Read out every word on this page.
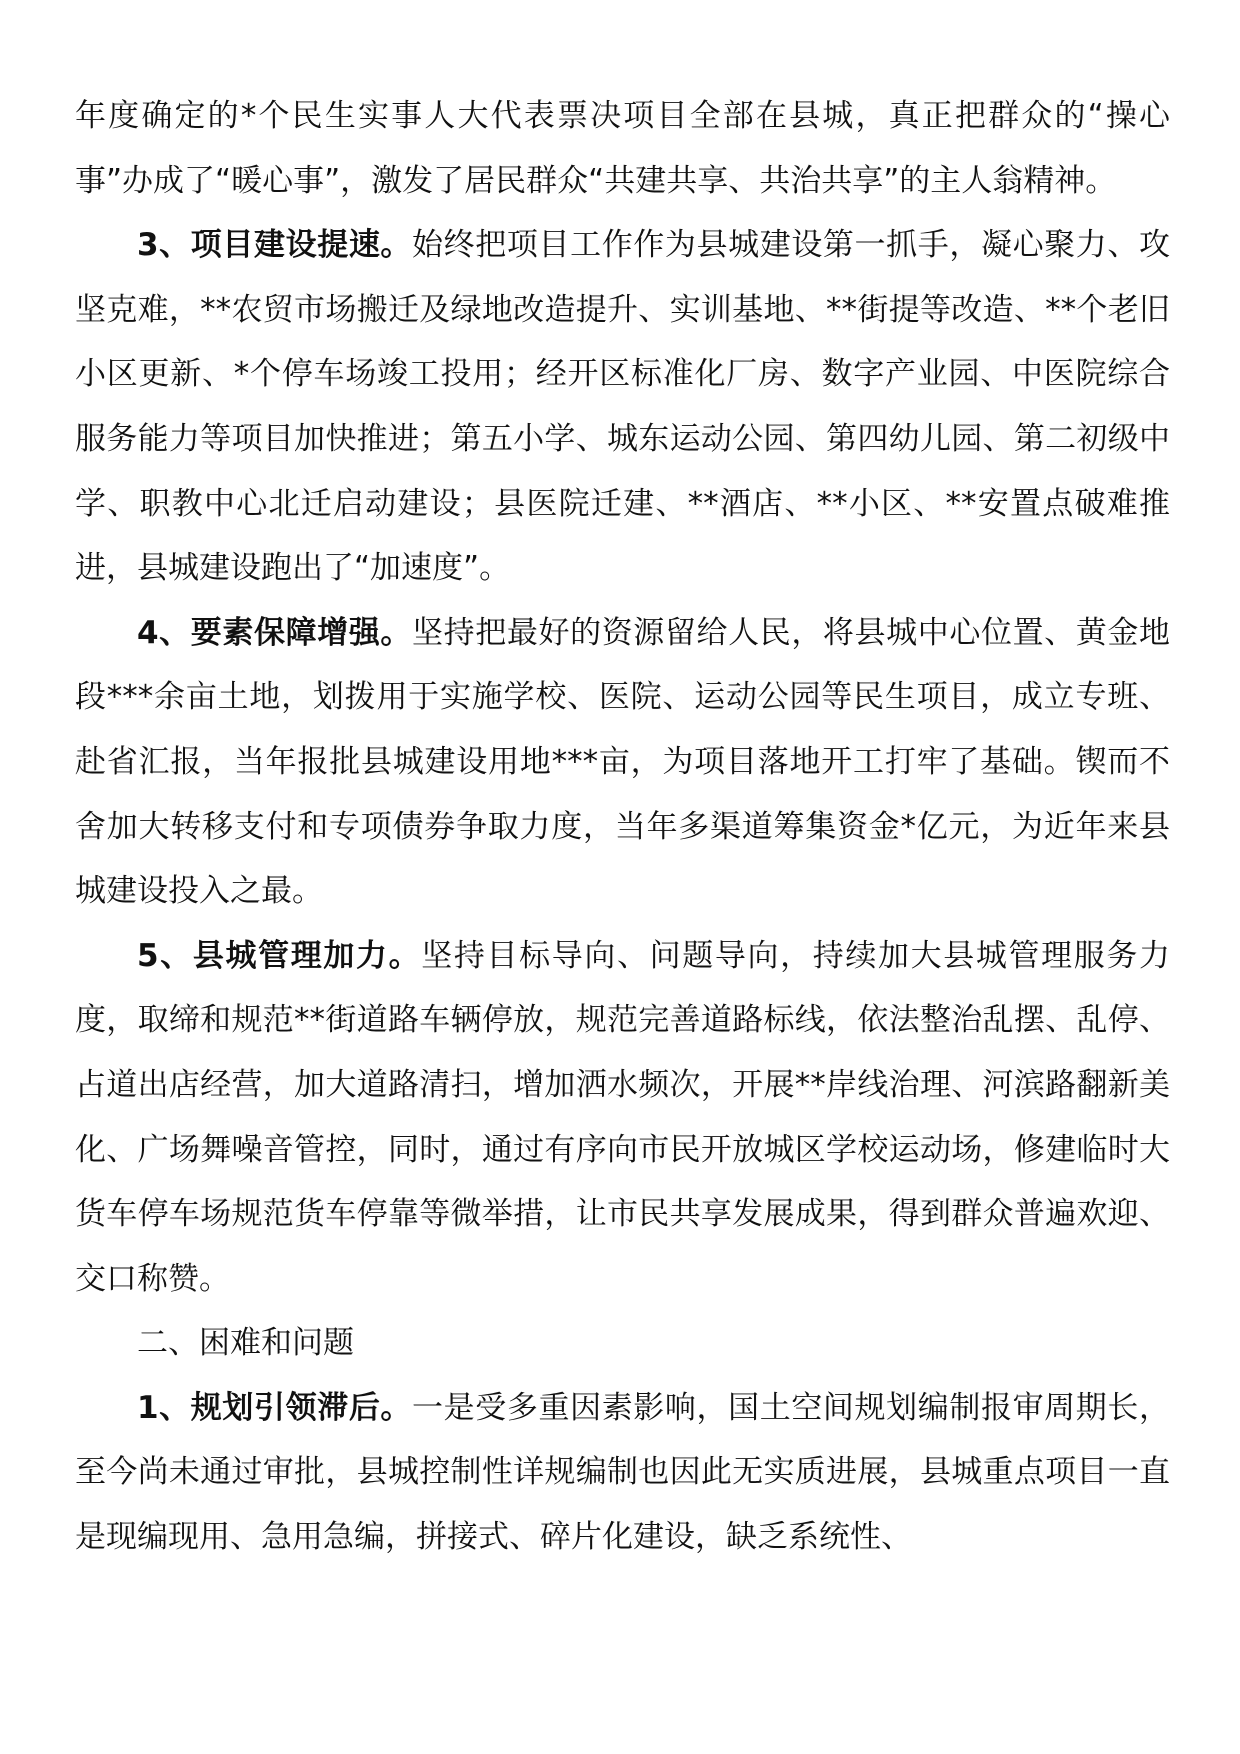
年度确定的*个民生实事人大代表票决项目全部在县城，真正把群众的“操心事”办成了“暖心事”，激发了居民群众“共建共享、共治共享”的主人翁精神。

3、项目建设提速。始终把项目工作作为县城建设第一抓手，凝心聚力、攻坚克难，**农贸市场搬迁及绿地改造提升、实训基地、**街提等改造、**个老旧小区更新、*个停车场竣工投用；经开区标准化厂房、数字产业园、中医院综合服务能力等项目加快推进；第五小学、城东运动公园、第四幼儿园、第二初级中学、职教中心北迁启动建设；县医院迁建、**酒店、**小区、**安置点破难推进，县城建设跑出了“加速度”。

4、要素保障增强。坚持把最好的资源留给人民，将县城中心位置、黄金地段***余亩土地，划拨用于实施学校、医院、运动公园等民生项目，成立专班、赴省汇报，当年报批县城建设用地***亩，为项目落地开工打牢了基础。锲而不舍加大转移支付和专项债券争取力度，当年多渠道筹集资金*亿元，为近年来县城建设投入之最。

5、县城管理加力。坚持目标导向、问题导向，持续加大县城管理服务力度，取缔和规范**街道路车辆停放，规范完善道路标线，依法整治乱摆、乱停、占道出店经营，加大道路清扫，增加洒水频次，开展**岸线治理、河滨路翻新美化、广场舞噪音管控，同时，通过有序向市民开放城区学校运动场，修建临时大货车停车场规范货车停靠等微举措，让市民共享发展成果，得到群众普遍欢迎、交口称赞。

二、困难和问题

1、规划引领滞后。一是受多重因素影响，国土空间规划编制报审周期长，至今尚未通过审批，县城控制性详规编制也因此无实质进展，县城重点项目一直是现编现用、急用急编，拼接式、碎片化建设，缺乏系统性、
